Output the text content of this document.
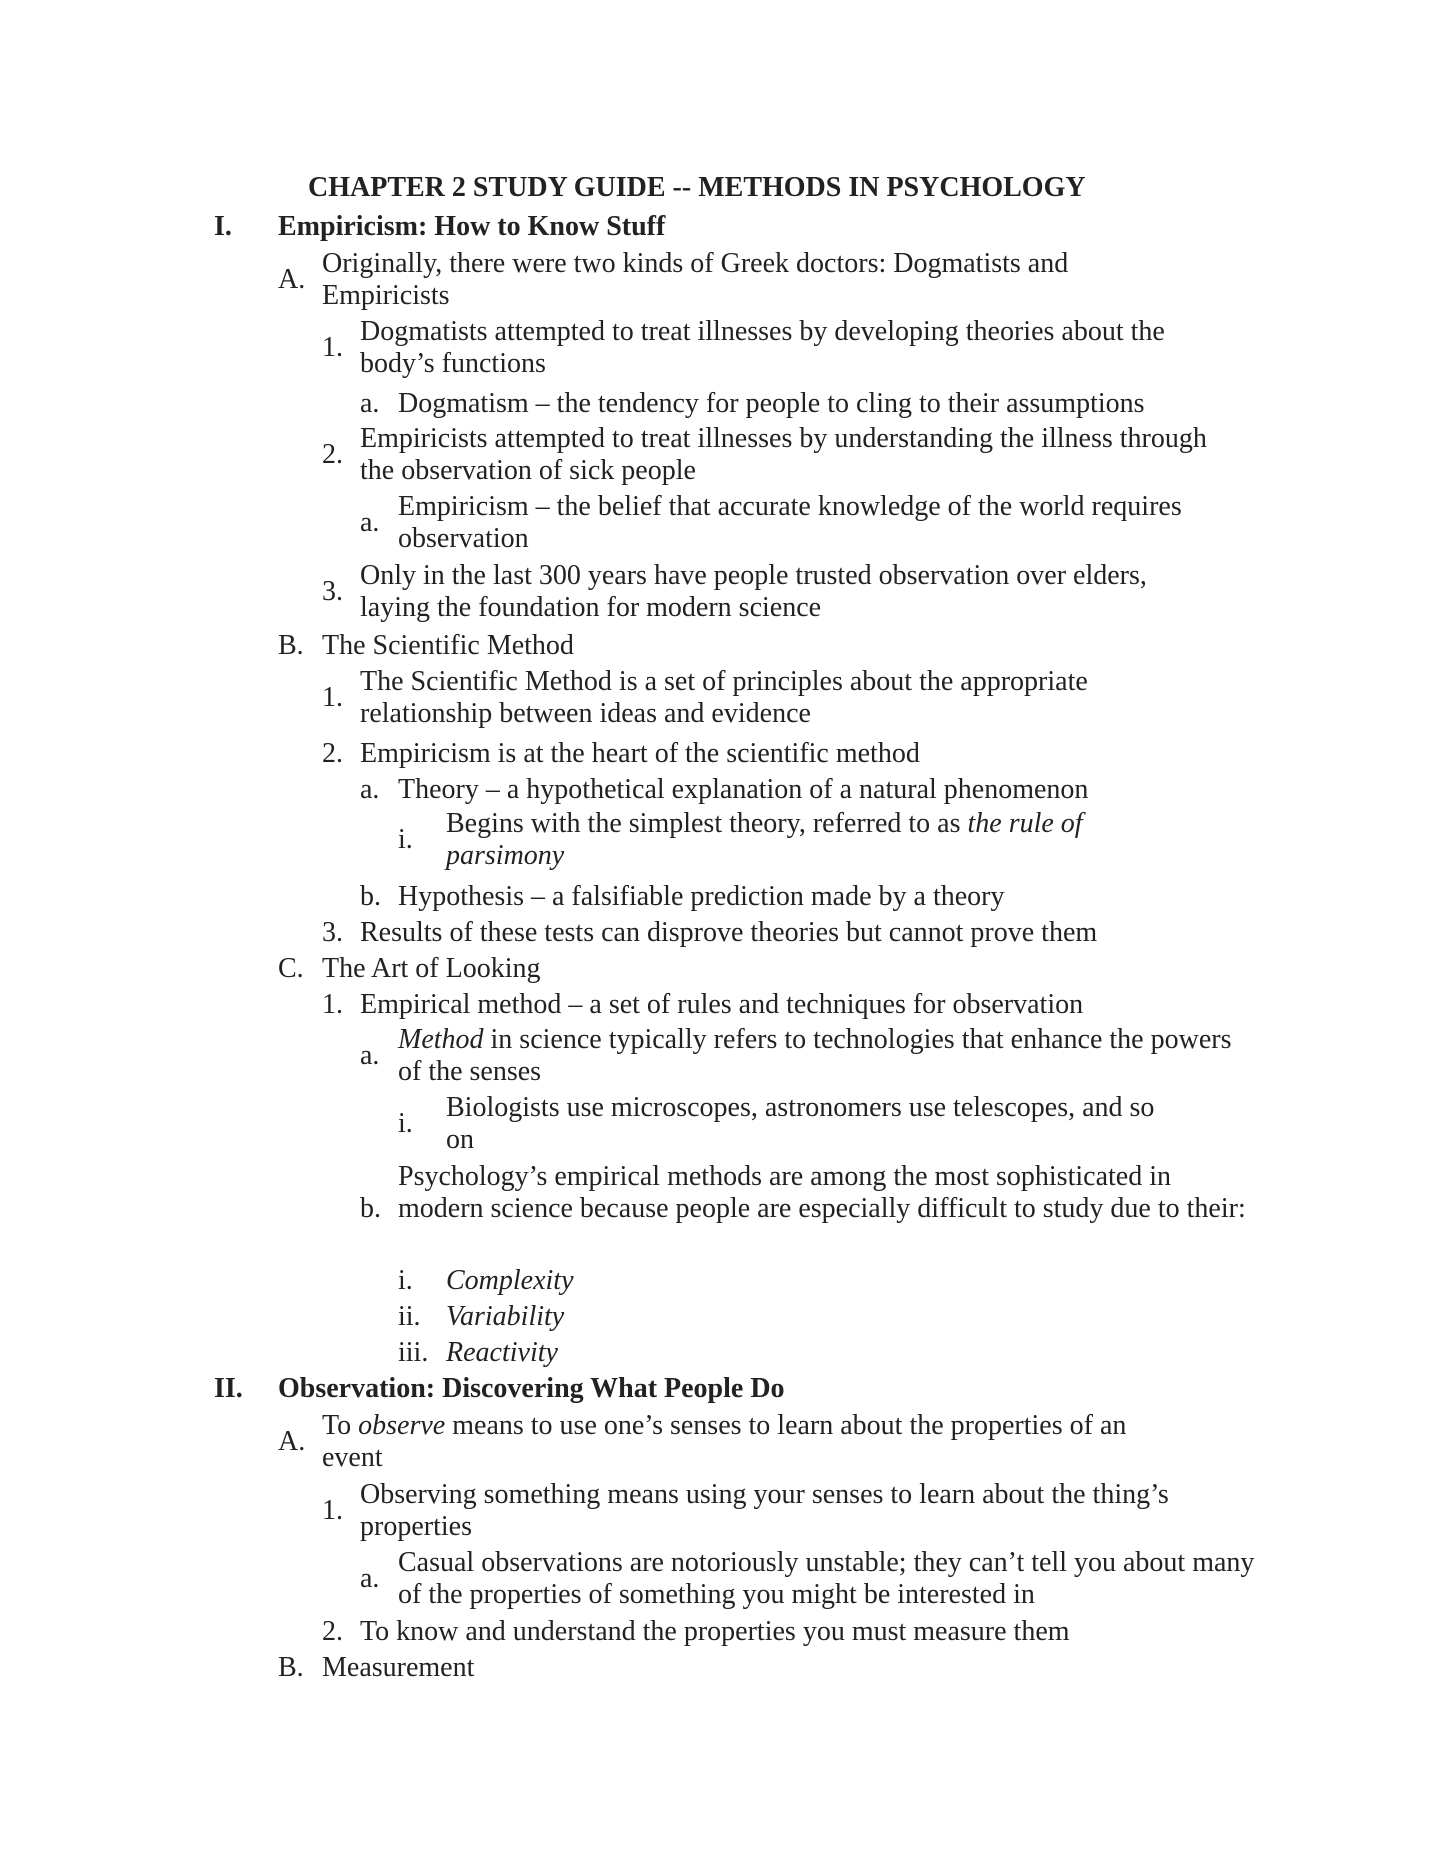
CHAPTER 2 STUDY GUIDE -- METHODS IN PSYCHOLOGY
I.	Empiricism: How to Know Stuff
A.
Originally, there were two kinds of Greek doctors: Dogmatists and Empiricists
1.
Dogmatists attempted to treat illnesses by developing theories about the body’s functions
a. Dogmatism – the tendency for people to cling to their assumptions
2.
Empiricists attempted to treat illnesses by understanding the illness through the observation of sick people
a.
Empiricism – the belief that accurate knowledge of the world requires observation
3.
Only in the last 300 years have people trusted observation over elders, laying the foundation for modern science
B. The Scientific Method
1.
The Scientific Method is a set of principles about the appropriate relationship between ideas and evidence
2. Empiricism is at the heart of the scientific method
a. Theory – a hypothetical explanation of a natural phenomenon
i.
Begins with the simplest theory, referred to as the rule of parsimony
b. Hypothesis – a falsifiable prediction made by a theory
3. Results of these tests can disprove theories but cannot prove them
C. The Art of Looking
1. Empirical method – a set of rules and techniques for observation
a.
Method in science typically refers to technologies that enhance the powers of the senses
i.
Biologists use microscopes, astronomers use telescopes, and so on
b.
Psychology’s empirical methods are among the most sophisticated in modern science because people are especially difficult to study due to their:
i.	Complexity
ii. Variability
iii. Reactivity
II.	Observation: Discovering What People Do
A.
To observe means to use one’s senses to learn about the properties of an event
1.
Observing something means using your senses to learn about the thing’s properties
a.
Casual observations are notoriously unstable; they can’t tell you about many of the properties of something you might be interested in
2. To know and understand the properties you must measure them
B. Measurement
